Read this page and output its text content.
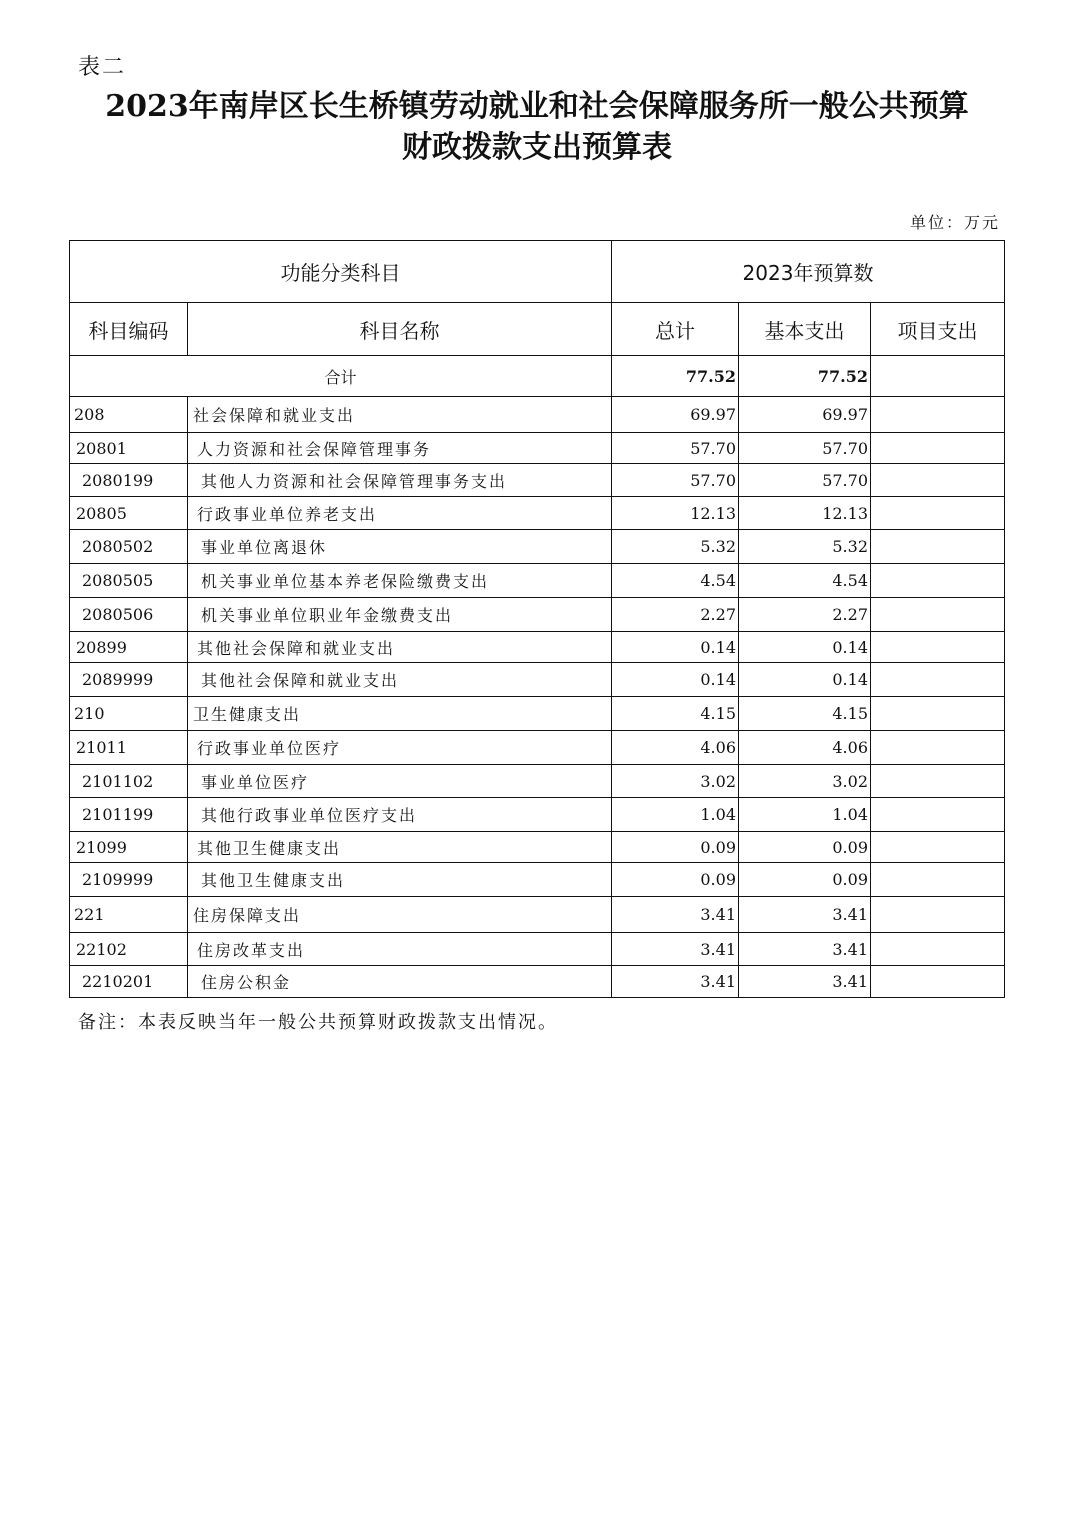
表二
2023年南岸区长生桥镇劳动就业和社会保障服务所一般公共预算
财政拨款支出预算表
单位：万元
功能分类科目		2023年预算数		
科目编码	科目名称	总计	基本支出	项目支出
合计		77.52	77.52	
208	社会保障和就业支出	69.97	69.97	
20801	人力资源和社会保障管理事务	57.70	57.70	
2080199	其他人力资源和社会保障管理事务支出	57.70	57.70	
20805	行政事业单位养老支出	12.13	12.13	
2080502	事业单位离退休	5.32	5.32	
2080505	机关事业单位基本养老保险缴费支出	4.54	4.54	
2080506	机关事业单位职业年金缴费支出	2.27	2.27	
20899	其他社会保障和就业支出	0.14	0.14	
2089999	其他社会保障和就业支出	0.14	0.14	
210	卫生健康支出	4.15	4.15	
21011	行政事业单位医疗	4.06	4.06	
2101102	事业单位医疗	3.02	3.02	
2101199	其他行政事业单位医疗支出	1.04	1.04	
21099	其他卫生健康支出	0.09	0.09	
2109999	其他卫生健康支出	0.09	0.09	
221	住房保障支出	3.41	3.41	
22102	住房改革支出	3.41	3.41	
2210201	住房公积金	3.41	3.41	
备注：本表反映当年一般公共预算财政拨款支出情况。
